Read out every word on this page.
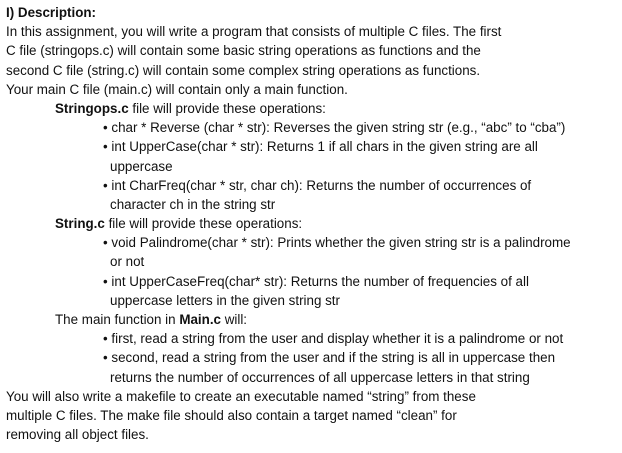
I) Description:
In this assignment, you will write a program that consists of multiple C files. The first
C file (stringops.c) will contain some basic string operations as functions and the
second C file (string.c) will contain some complex string operations as functions.
Your main C file (main.c) will contain only a main function.
Stringops.c file will provide these operations:
• char * Reverse (char * str): Reverses the given string str (e.g., “abc” to “cba”)
• int UpperCase(char * str): Returns 1 if all chars in the given string are all
uppercase
• int CharFreq(char * str, char ch): Returns the number of occurrences of
character ch in the string str
String.c file will provide these operations:
• void Palindrome(char * str): Prints whether the given string str is a palindrome
or not
• int UpperCaseFreq(char* str): Returns the number of frequencies of all
uppercase letters in the given string str
The main function in Main.c will:
• first, read a string from the user and display whether it is a palindrome or not
• second, read a string from the user and if the string is all in uppercase then
returns the number of occurrences of all uppercase letters in that string
You will also write a makefile to create an executable named “string” from these
multiple C files. The make file should also contain a target named “clean” for
removing all object files.
